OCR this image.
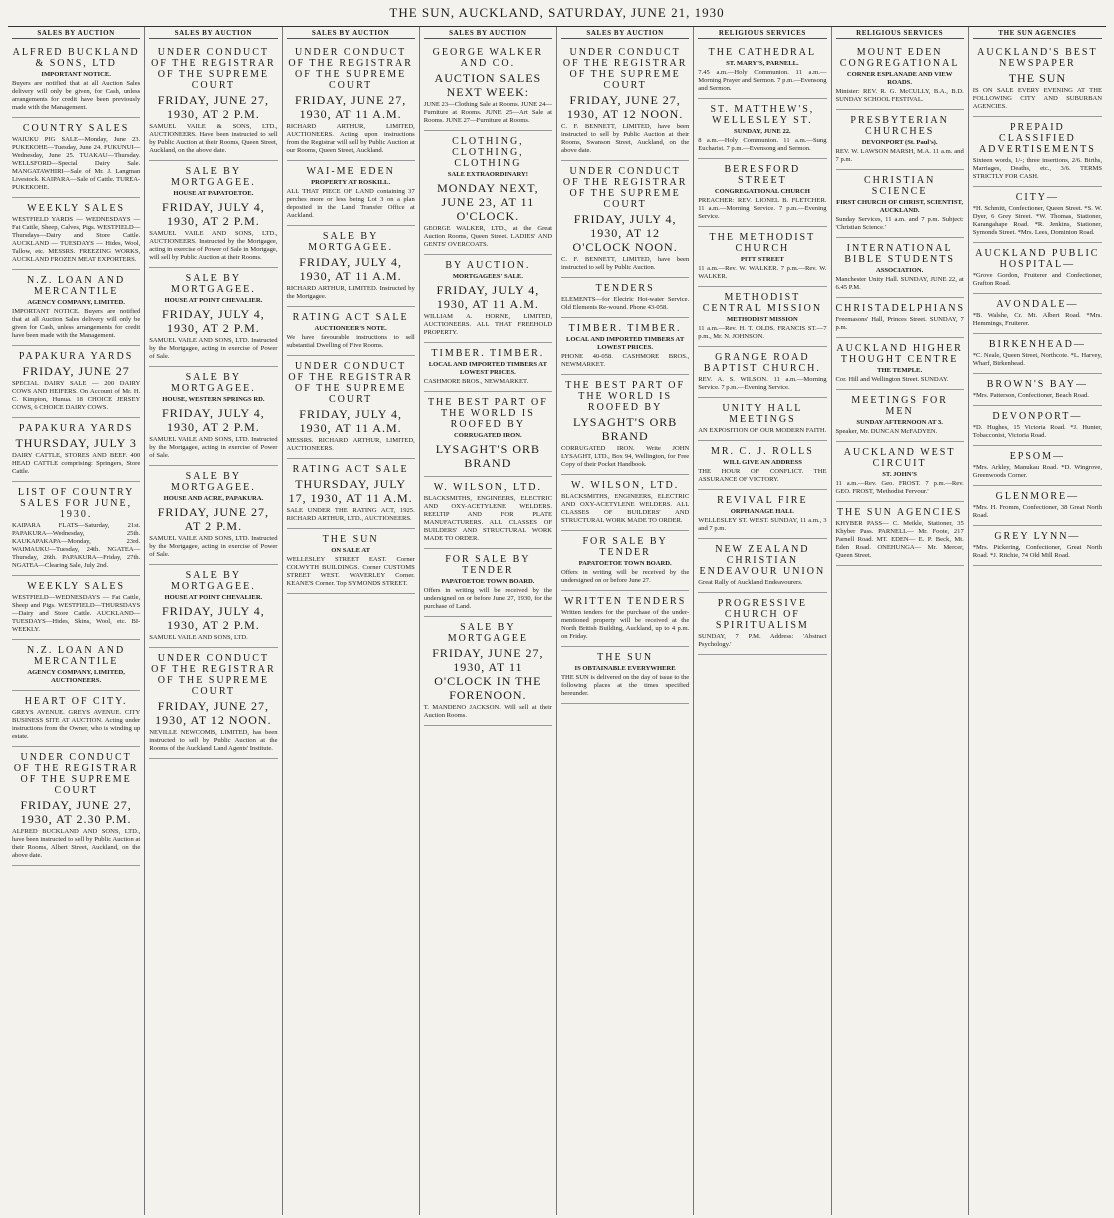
THE SUN, AUCKLAND, SATURDAY, JUNE 21, 1930
SALES BY AUCTION
ALFRED BUCKLAND & SONS, LTD
IMPORTANT NOTICE.

Buyers are notified that at all Auction Sales delivery will only be given, for Cash, unless arrangements for credit have been previously made with the Management.

COUNTRY SALES

WAIUKU PIG SALE—Monday, June 23. PUKEKOHE—Tuesday, June 24. FUKUNUI—Wednesday, June 25. TUAKAU—Thursday. WELLSFORD—Special Dairy Sale. MANGATAWHIRI—Sale of Mr. J. Langman Livestock. KAIPARA—Sale of Cattle. TUREA-PUKEKOHE.

WEEKLY SALES

WESTFIELD YARDS — WEDNESDAYS — Fat Cattle, Sheep, Calves, Pigs. WESTFIELD—Thursdays—Dairy and Store Cattle. AUCKLAND — TUESDAYS — Hides, Wool, Tallow, etc. MESSRS. FREEZING WORKS, AUCKLAND FROZEN MEAT EXPORTERS.

N.Z. LOAN AND MERCANTILE
AGENCY COMPANY, LIMITED.

IMPORTANT NOTICE. Buyers are notified that at all Auction Sales delivery will only be given for Cash, unless arrangements for credit have been made with the Management.

PAPAKURA YARDS
FRIDAY, JUNE 27

SPECIAL DAIRY SALE — 200 DAIRY COWS AND HEIFERS. On Account of Mr. H. C. Kimpton, Hunua. 18 CHOICE JERSEY COWS, 6 CHOICE DAIRY COWS.

PAPAKURA YARDS
THURSDAY, JULY 3

DAIRY CATTLE, STORES AND BEEF. 400 HEAD CATTLE comprising: Springers, Store Cattle.

LIST OF COUNTRY SALES FOR JUNE, 1930.

KAIPARA FLATS—Saturday, 21st. PAPAKURA—Wednesday, 25th. KAUKAPAKAPA—Monday, 23rd. WAIMAUKU—Tuesday, 24th. NGATEA—Thursday, 26th. PAPAKURA—Friday, 27th. NGATEA—Clearing Sale, July 2nd.

WEEKLY SALES

WESTFIELD—WEDNESDAYS — Fat Cattle, Sheep and Pigs. WESTFIELD—THURSDAYS—Dairy and Store Cattle. AUCKLAND—TUESDAYS—Hides, Skins, Wool, etc. BI-WEEKLY.

N.Z. LOAN AND MERCANTILE
AGENCY COMPANY, LIMITED, AUCTIONEERS.
HEART OF CITY.

GREYS AVENUE. GREYS AVENUE. CITY BUSINESS SITE AT AUCTION. Acting under instructions from the Owner, who is winding up estate.

UNDER CONDUCT OF THE REGISTRAR OF THE SUPREME COURT
FRIDAY, JUNE 27, 1930, AT 2.30 P.M.

ALFRED BUCKLAND AND SONS, LTD., have been instructed to sell by Public Auction at their Rooms, Albert Street, Auckland, on the above date.

SALES BY AUCTION
UNDER CONDUCT OF THE REGISTRAR OF THE SUPREME COURT
FRIDAY, JUNE 27, 1930, AT 2 P.M.

SAMUEL VAILE & SONS, LTD., AUCTIONEERS. Have been instructed to sell by Public Auction at their Rooms, Queen Street, Auckland, on the above date.

SALE BY MORTGAGEE.
HOUSE AT PAPATOETOE.
FRIDAY, JULY 4, 1930, AT 2 P.M.

SAMUEL VAILE AND SONS, LTD., AUCTIONEERS. Instructed by the Mortgagee, acting in exercise of Power of Sale in Mortgage, will sell by Public Auction at their Rooms.

SALE BY MORTGAGEE.
HOUSE AT POINT CHEVALIER.
FRIDAY, JULY 4, 1930, AT 2 P.M.

SAMUEL VAILE AND SONS, LTD. Instructed by the Mortgagee, acting in exercise of Power of Sale.

SALE BY MORTGAGEE.
HOUSE, WESTERN SPRINGS RD.
FRIDAY, JULY 4, 1930, AT 2 P.M.

SAMUEL VAILE AND SONS, LTD. Instructed by the Mortgagee, acting in exercise of Power of Sale.

SALE BY MORTGAGEE.
HOUSE AND ACRE, PAPAKURA.
FRIDAY, JUNE 27, AT 2 P.M.

SAMUEL VAILE AND SONS, LTD. Instructed by the Mortgagee, acting in exercise of Power of Sale.

SALE BY MORTGAGEE.
HOUSE AT POINT CHEVALIER.
FRIDAY, JULY 4, 1930, AT 2 P.M.

SAMUEL VAILE AND SONS, LTD.

UNDER CONDUCT OF THE REGISTRAR OF THE SUPREME COURT
FRIDAY, JUNE 27, 1930, AT 12 NOON.

NEVILLE NEWCOMB, LIMITED, has been instructed to sell by Public Auction at the Rooms of the Auckland Land Agents' Institute.

SALES BY AUCTION
UNDER CONDUCT OF THE REGISTRAR OF THE SUPREME COURT
FRIDAY, JUNE 27, 1930, AT 11 A.M.

RICHARD ARTHUR, LIMITED, AUCTIONEERS. Acting upon instructions from the Registrar will sell by Public Auction at our Rooms, Queen Street, Auckland.

WAI-ME EDEN
PROPERTY AT ROSKILL.

ALL THAT PIECE OF LAND containing 37 perches more or less being Lot 3 on a plan deposited in the Land Transfer Office at Auckland.

SALE BY MORTGAGEE.
FRIDAY, JULY 4, 1930, AT 11 A.M.

RICHARD ARTHUR, LIMITED. Instructed by the Mortgagee.

RATING ACT SALE
AUCTIONEER'S NOTE.

We have favourable instructions to sell substantial Dwelling of Five Rooms.

UNDER CONDUCT OF THE REGISTRAR OF THE SUPREME COURT
FRIDAY, JULY 4, 1930, AT 11 A.M.

MESSRS. RICHARD ARTHUR, LIMITED, AUCTIONEERS.

RATING ACT SALE
THURSDAY, JULY 17, 1930, AT 11 A.M.

SALE UNDER THE RATING ACT, 1925. RICHARD ARTHUR, LTD., AUCTIONEERS.

THE SUN
ON SALE AT

WELLESLEY STREET EAST. Corner COLWYTH BUILDINGS. Corner CUSTOMS STREET WEST. WAVERLEY Corner. KEANE'S Corner. Top SYMONDS STREET.

SALES BY AUCTION
GEORGE WALKER AND CO.
AUCTION SALES NEXT WEEK:

JUNE 23—Clothing Sale at Rooms. JUNE 24—Furniture at Rooms. JUNE 25—Art Sale at Rooms. JUNE 27—Furniture at Rooms.

CLOTHING, CLOTHING, CLOTHING
SALE EXTRAORDINARY!
MONDAY NEXT, JUNE 23, AT 11 O'CLOCK.

GEORGE WALKER, LTD., at the Great Auction Rooms, Queen Street. LADIES' AND GENTS' OVERCOATS.

BY AUCTION.
MORTGAGEES' SALE.
FRIDAY, JULY 4, 1930, AT 11 A.M.

WILLIAM A. HORNE, LIMITED, AUCTIONEERS. ALL THAT FREEHOLD PROPERTY.

TIMBER. TIMBER.
LOCAL AND IMPORTED TIMBERS AT LOWEST PRICES.

CASHMORE BROS., NEWMARKET.

THE BEST PART OF THE WORLD IS ROOFED BY
CORRUGATED IRON.
LYSAGHT'S ORB BRAND
W. WILSON, LTD.

BLACKSMITHS, ENGINEERS, ELECTRIC AND OXY-ACETYLENE WELDERS. REELTIP AND FOR PLATE MANUFACTURERS. ALL CLASSES OF BUILDERS' AND STRUCTURAL WORK MADE TO ORDER.

FOR SALE BY TENDER
PAPATOETOE TOWN BOARD.

Offers in writing will be received by the undersigned on or before June 27, 1930, for the purchase of Land.

SALE BY MORTGAGEE
FRIDAY, JUNE 27, 1930, AT 11 O'CLOCK IN THE FORENOON.

T. MANDENO JACKSON. Will sell at their Auction Rooms.

SALES BY AUCTION
UNDER CONDUCT OF THE REGISTRAR OF THE SUPREME COURT
FRIDAY, JUNE 27, 1930, AT 12 NOON.

C. F. BENNETT, LIMITED, have been instructed to sell by Public Auction at their Rooms, Swanson Street, Auckland, on the above date.

UNDER CONDUCT OF THE REGISTRAR OF THE SUPREME COURT
FRIDAY, JULY 4, 1930, AT 12 O'CLOCK NOON.

C. F. BENNETT, LIMITED, have been instructed to sell by Public Auction.

TENDERS

ELEMENTS—for Electric Hot-water Service. Old Elements Re-wound. Phone 43-058.

TIMBER. TIMBER.
LOCAL AND IMPORTED TIMBERS AT LOWEST PRICES.

PHONE 40-058. CASHMORE BROS., NEWMARKET.

THE BEST PART OF THE WORLD IS ROOFED BY
LYSAGHT'S ORB BRAND

CORRUGATED IRON. Write JOHN LYSAGHT, LTD., Box 94, Wellington, for Free Copy of their Pocket Handbook.

W. WILSON, LTD.

BLACKSMITHS, ENGINEERS, ELECTRIC AND OXY-ACETYLENE WELDERS. ALL CLASSES OF BUILDERS' AND STRUCTURAL WORK MADE TO ORDER.

FOR SALE BY TENDER
PAPATOETOE TOWN BOARD.

Offers in writing will be received by the undersigned on or before June 27.

WRITTEN TENDERS

Written tenders for the purchase of the under-mentioned property will be received at the North British Building, Auckland, up to 4 p.m. on Friday.

THE SUN
IS OBTAINABLE EVERYWHERE

THE SUN is delivered on the day of issue to the following places at the times specified hereunder.

RELIGIOUS SERVICES
THE CATHEDRAL
ST. MARY'S, PARNELL.

7.45 a.m.—Holy Communion. 11 a.m.—Morning Prayer and Sermon. 7 p.m.—Evensong and Sermon.

ST. MATTHEW'S, WELLESLEY ST.
SUNDAY, JUNE 22.

8 a.m.—Holy Communion. 11 a.m.—Sung Eucharist. 7 p.m.—Evensong and Sermon.

BERESFORD STREET
CONGREGATIONAL CHURCH

PREACHER: REV. LIONEL B. FLETCHER. 11 a.m.—Morning Service. 7 p.m.—Evening Service.

THE METHODIST CHURCH
PITT STREET

11 a.m.—Rev. W. WALKER. 7 p.m.—Rev. W. WALKER.

METHODIST CENTRAL MISSION
METHODIST MISSION

11 a.m.—Rev. H. T. OLDS. FRANCIS ST.—7 p.m., Mr. N. JOHNSON.

GRANGE ROAD BAPTIST CHURCH.

REV. A. S. WILSON. 11 a.m.—Morning Service. 7 p.m.—Evening Service.

UNITY HALL MEETINGS

AN EXPOSITION OF OUR MODERN FAITH.

MR. C. J. ROLLS
WILL GIVE AN ADDRESS

THE HOUR OF CONFLICT. THE ASSURANCE OF VICTORY.

REVIVAL FIRE
ORPHANAGE HALL

WELLESLEY ST. WEST. SUNDAY, 11 a.m., 3 and 7 p.m.

NEW ZEALAND CHRISTIAN ENDEAVOUR UNION

Great Rally of Auckland Endeavourers.

PROGRESSIVE CHURCH OF SPIRITUALISM

SUNDAY, 7 P.M. Address: 'Abstract Psychology.'

RELIGIOUS SERVICES
MOUNT EDEN CONGREGATIONAL
CORNER ESPLANADE AND VIEW ROADS.

Minister: REV. R. G. McCULLY, B.A., B.D. SUNDAY SCHOOL FESTIVAL.

PRESBYTERIAN CHURCHES
DEVONPORT (St. Paul's).

REV. W. LAWSON MARSH, M.A. 11 a.m. and 7 p.m.

CHRISTIAN SCIENCE
FIRST CHURCH OF CHRIST, SCIENTIST, AUCKLAND.

Sunday Services, 11 a.m. and 7 p.m. Subject: 'Christian Science.'

INTERNATIONAL BIBLE STUDENTS
ASSOCIATION.

Manchester Unity Hall. SUNDAY, JUNE 22, at 6.45 P.M.

CHRISTADELPHIANS

Freemasons' Hall, Princes Street. SUNDAY, 7 p.m.

AUCKLAND HIGHER THOUGHT CENTRE
THE TEMPLE.

Cor. Hill and Wellington Street. SUNDAY.

MEETINGS FOR MEN
SUNDAY AFTERNOON AT 3.

Speaker, Mr. DUNCAN McFADYEN.

AUCKLAND WEST CIRCUIT
ST. JOHN'S

11 a.m.—Rev. Geo. FROST. 7 p.m.—Rev. GEO. FROST, 'Methodist Fervour.'

THE SUN AGENCIES

KHYBER PASS— C. Meikle, Stationer, 35 Khyber Pass. PARNELL— Mr. Foote, 217 Parnell Road. MT. EDEN— E. P. Beck, Mt. Eden Road. ONEHUNGA— Mr. Mercer, Queen Street.

THE SUN AGENCIES
AUCKLAND'S BEST NEWSPAPER
THE SUN

IS ON SALE EVERY EVENING AT THE FOLLOWING CITY AND SUBURBAN AGENCIES.

PREPAID CLASSIFIED ADVERTISEMENTS

Sixteen words, 1/-; three insertions, 2/6. Births, Marriages, Deaths, etc., 3/6. TERMS STRICTLY FOR CASH.

CITY—

*H. Schmitt, Confectioner, Queen Street. *S. W. Dyer, 6 Grey Street. *W. Thomas, Stationer, Karangahape Road. *R. Jenkins, Stationer, Symonds Street. *Mrs. Lees, Dominion Road.

AUCKLAND PUBLIC HOSPITAL—

*Grove Gordon, Fruiterer and Confectioner, Grafton Road.

AVONDALE—

*B. Walshe, Cr. Mt. Albert Road. *Mrs. Hemmings, Fruiterer.

BIRKENHEAD—

*C. Neale, Queen Street, Northcote. *L. Harvey, Wharf, Birkenhead.

BROWN'S BAY—

*Mrs. Patterson, Confectioner, Beach Road.

DEVONPORT—

*D. Hughes, 15 Victoria Road. *J. Hunter, Tobacconist, Victoria Road.

EPSOM—

*Mrs. Arkley, Manukau Road. *D. Wingrove, Greenwoods Corner.

GLENMORE—

*Mrs. H. Fromm, Confectioner, 38 Great North Road.

GREY LYNN—

*Mrs. Pickering, Confectioner, Great North Road. *J. Ritchie, 74 Old Mill Road.
